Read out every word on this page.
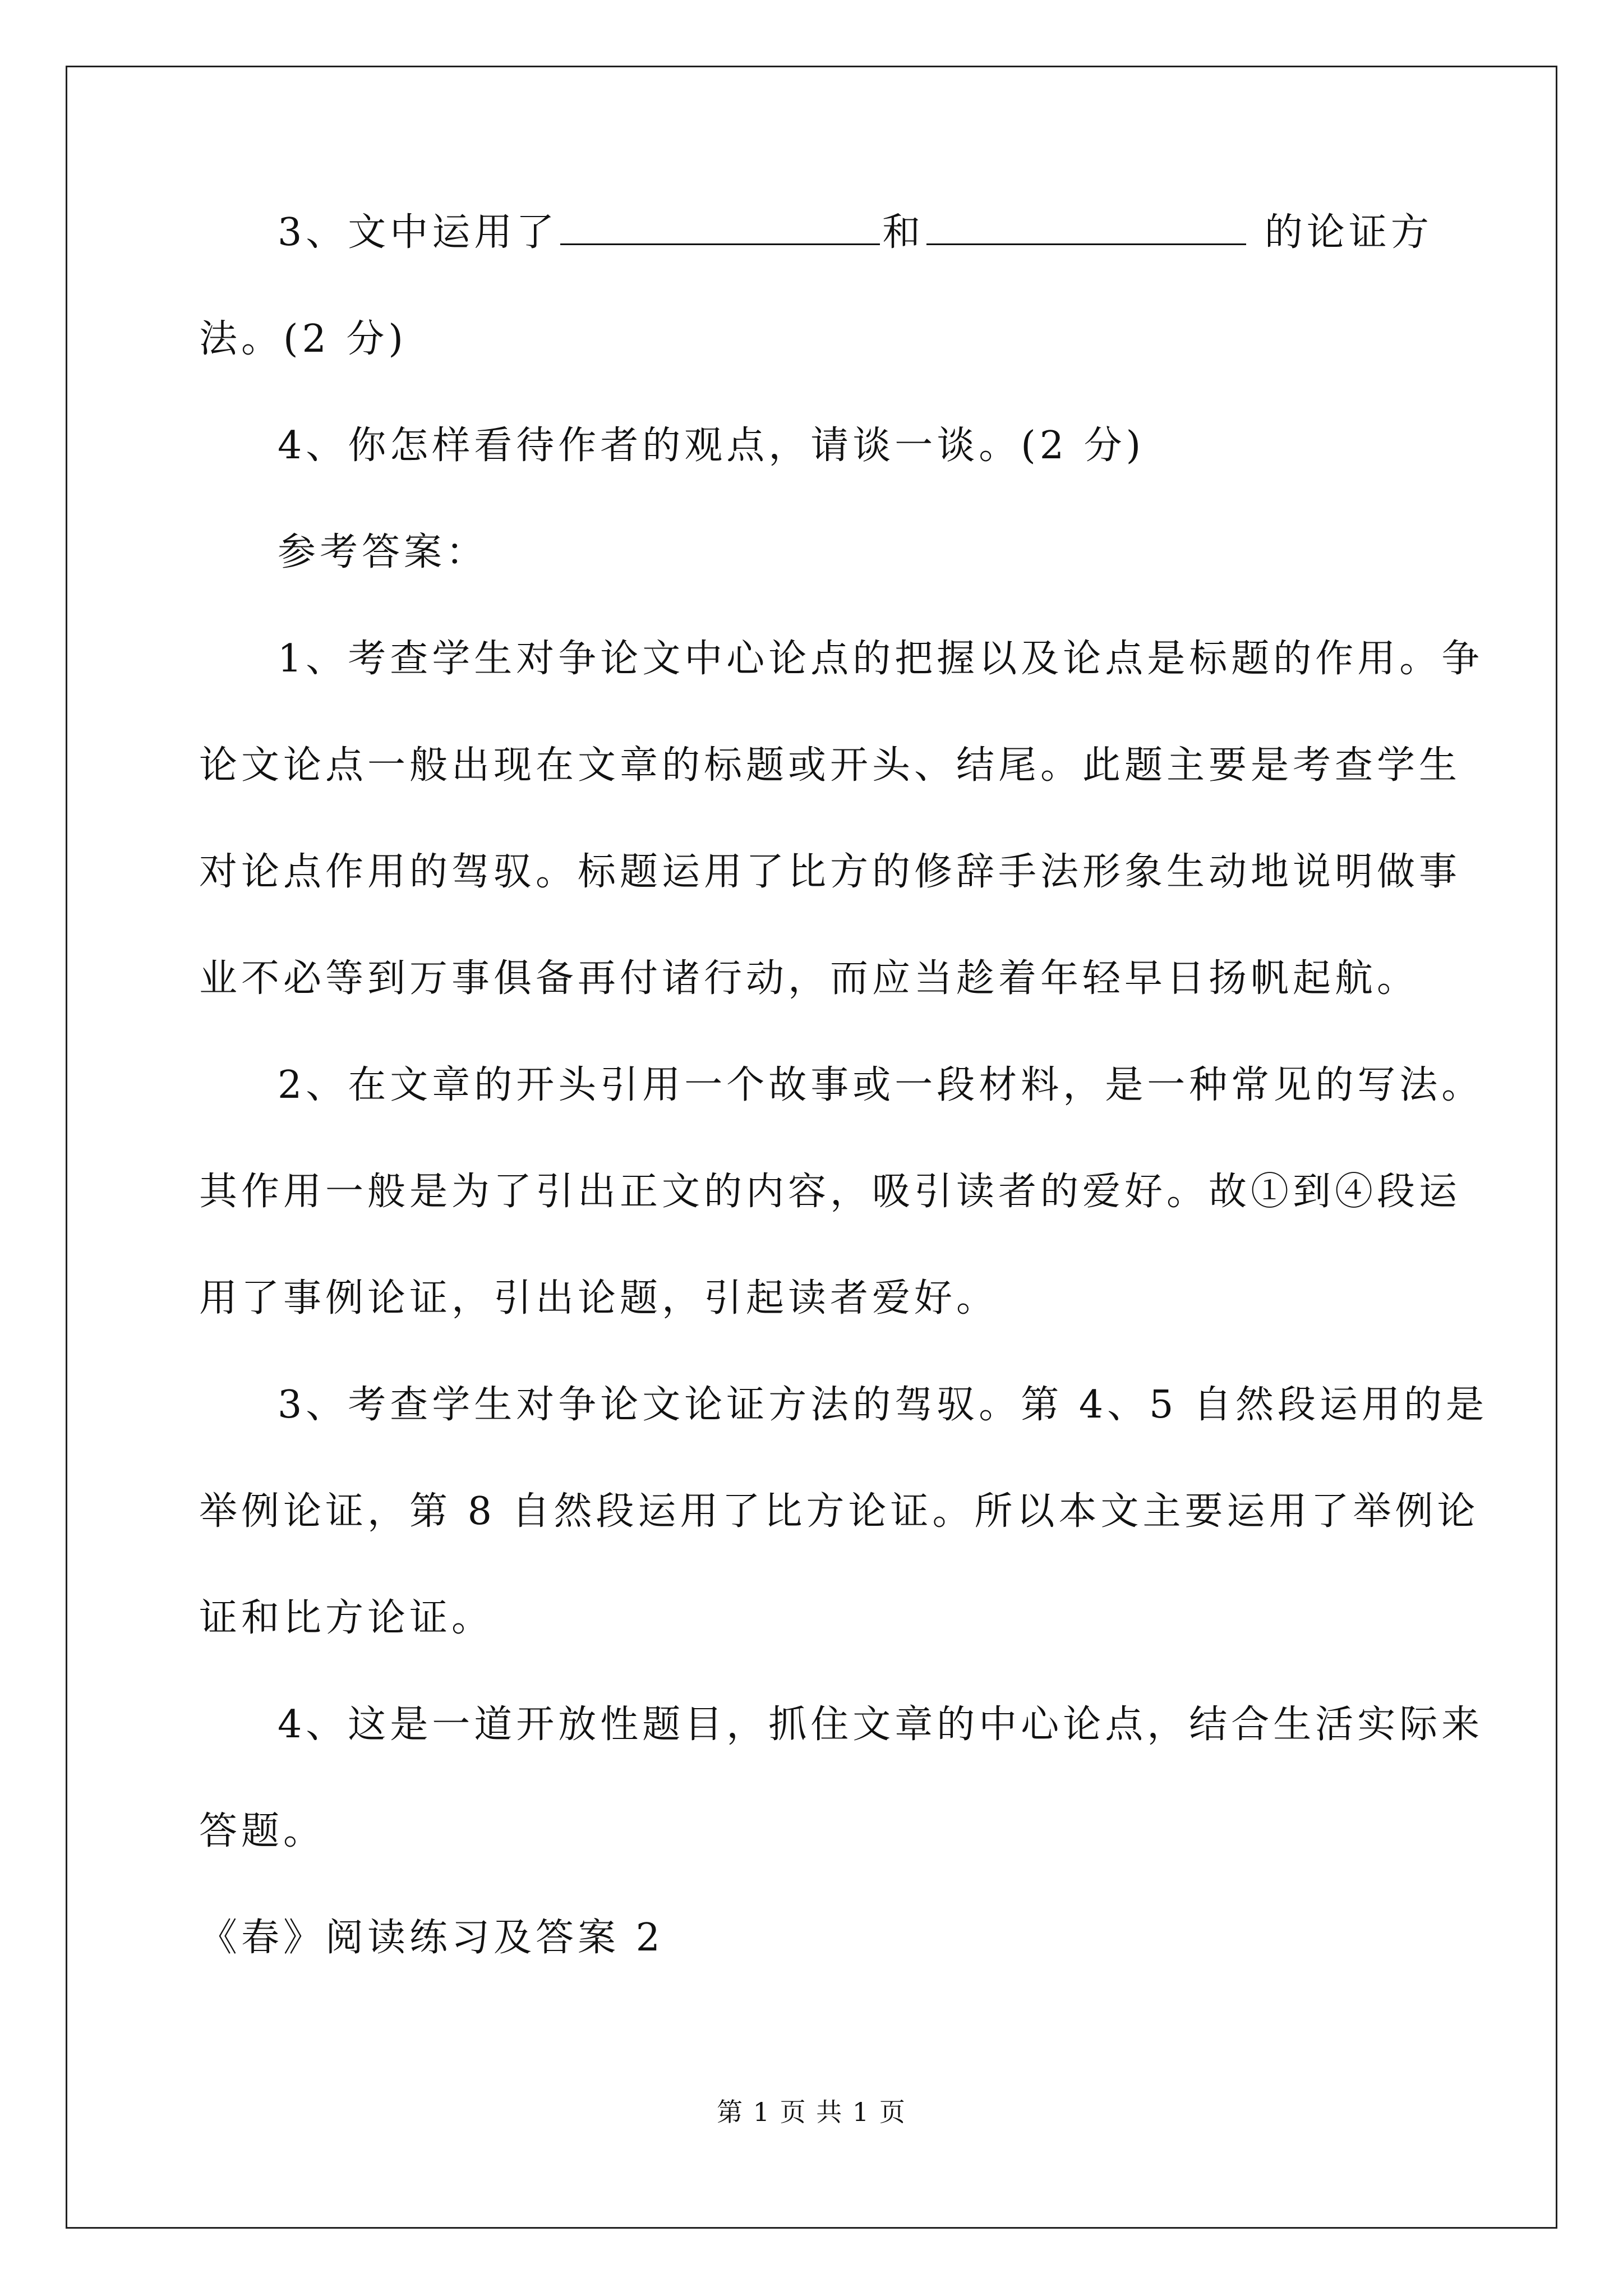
3、文中运用了	和	的论证方
法。(2 分)
4、你怎样看待作者的观点，请谈一谈。(2 分)
参考答案：
1、考查学生对争论文中心论点的把握以及论点是标题的作用。争
论文论点一般出现在文章的标题或开头、结尾。此题主要是考查学生
对论点作用的驾驭。标题运用了比方的修辞手法形象生动地说明做事
业不必等到万事俱备再付诸行动，而应当趁着年轻早日扬帆起航。
2、在文章的开头引用一个故事或一段材料，是一种常见的写法。
其作用一般是为了引出正文的内容，吸引读者的爱好。故①到④段运
用了事例论证，引出论题，引起读者爱好。
3、考查学生对争论文论证方法的驾驭。第 4、5 自然段运用的是
举例论证，第 8 自然段运用了比方论证。所以本文主要运用了举例论
证和比方论证。
4、这是一道开放性题目，抓住文章的中心论点，结合生活实际来
答题。
《春》阅读练习及答案 2
第 1 页 共 1 页
